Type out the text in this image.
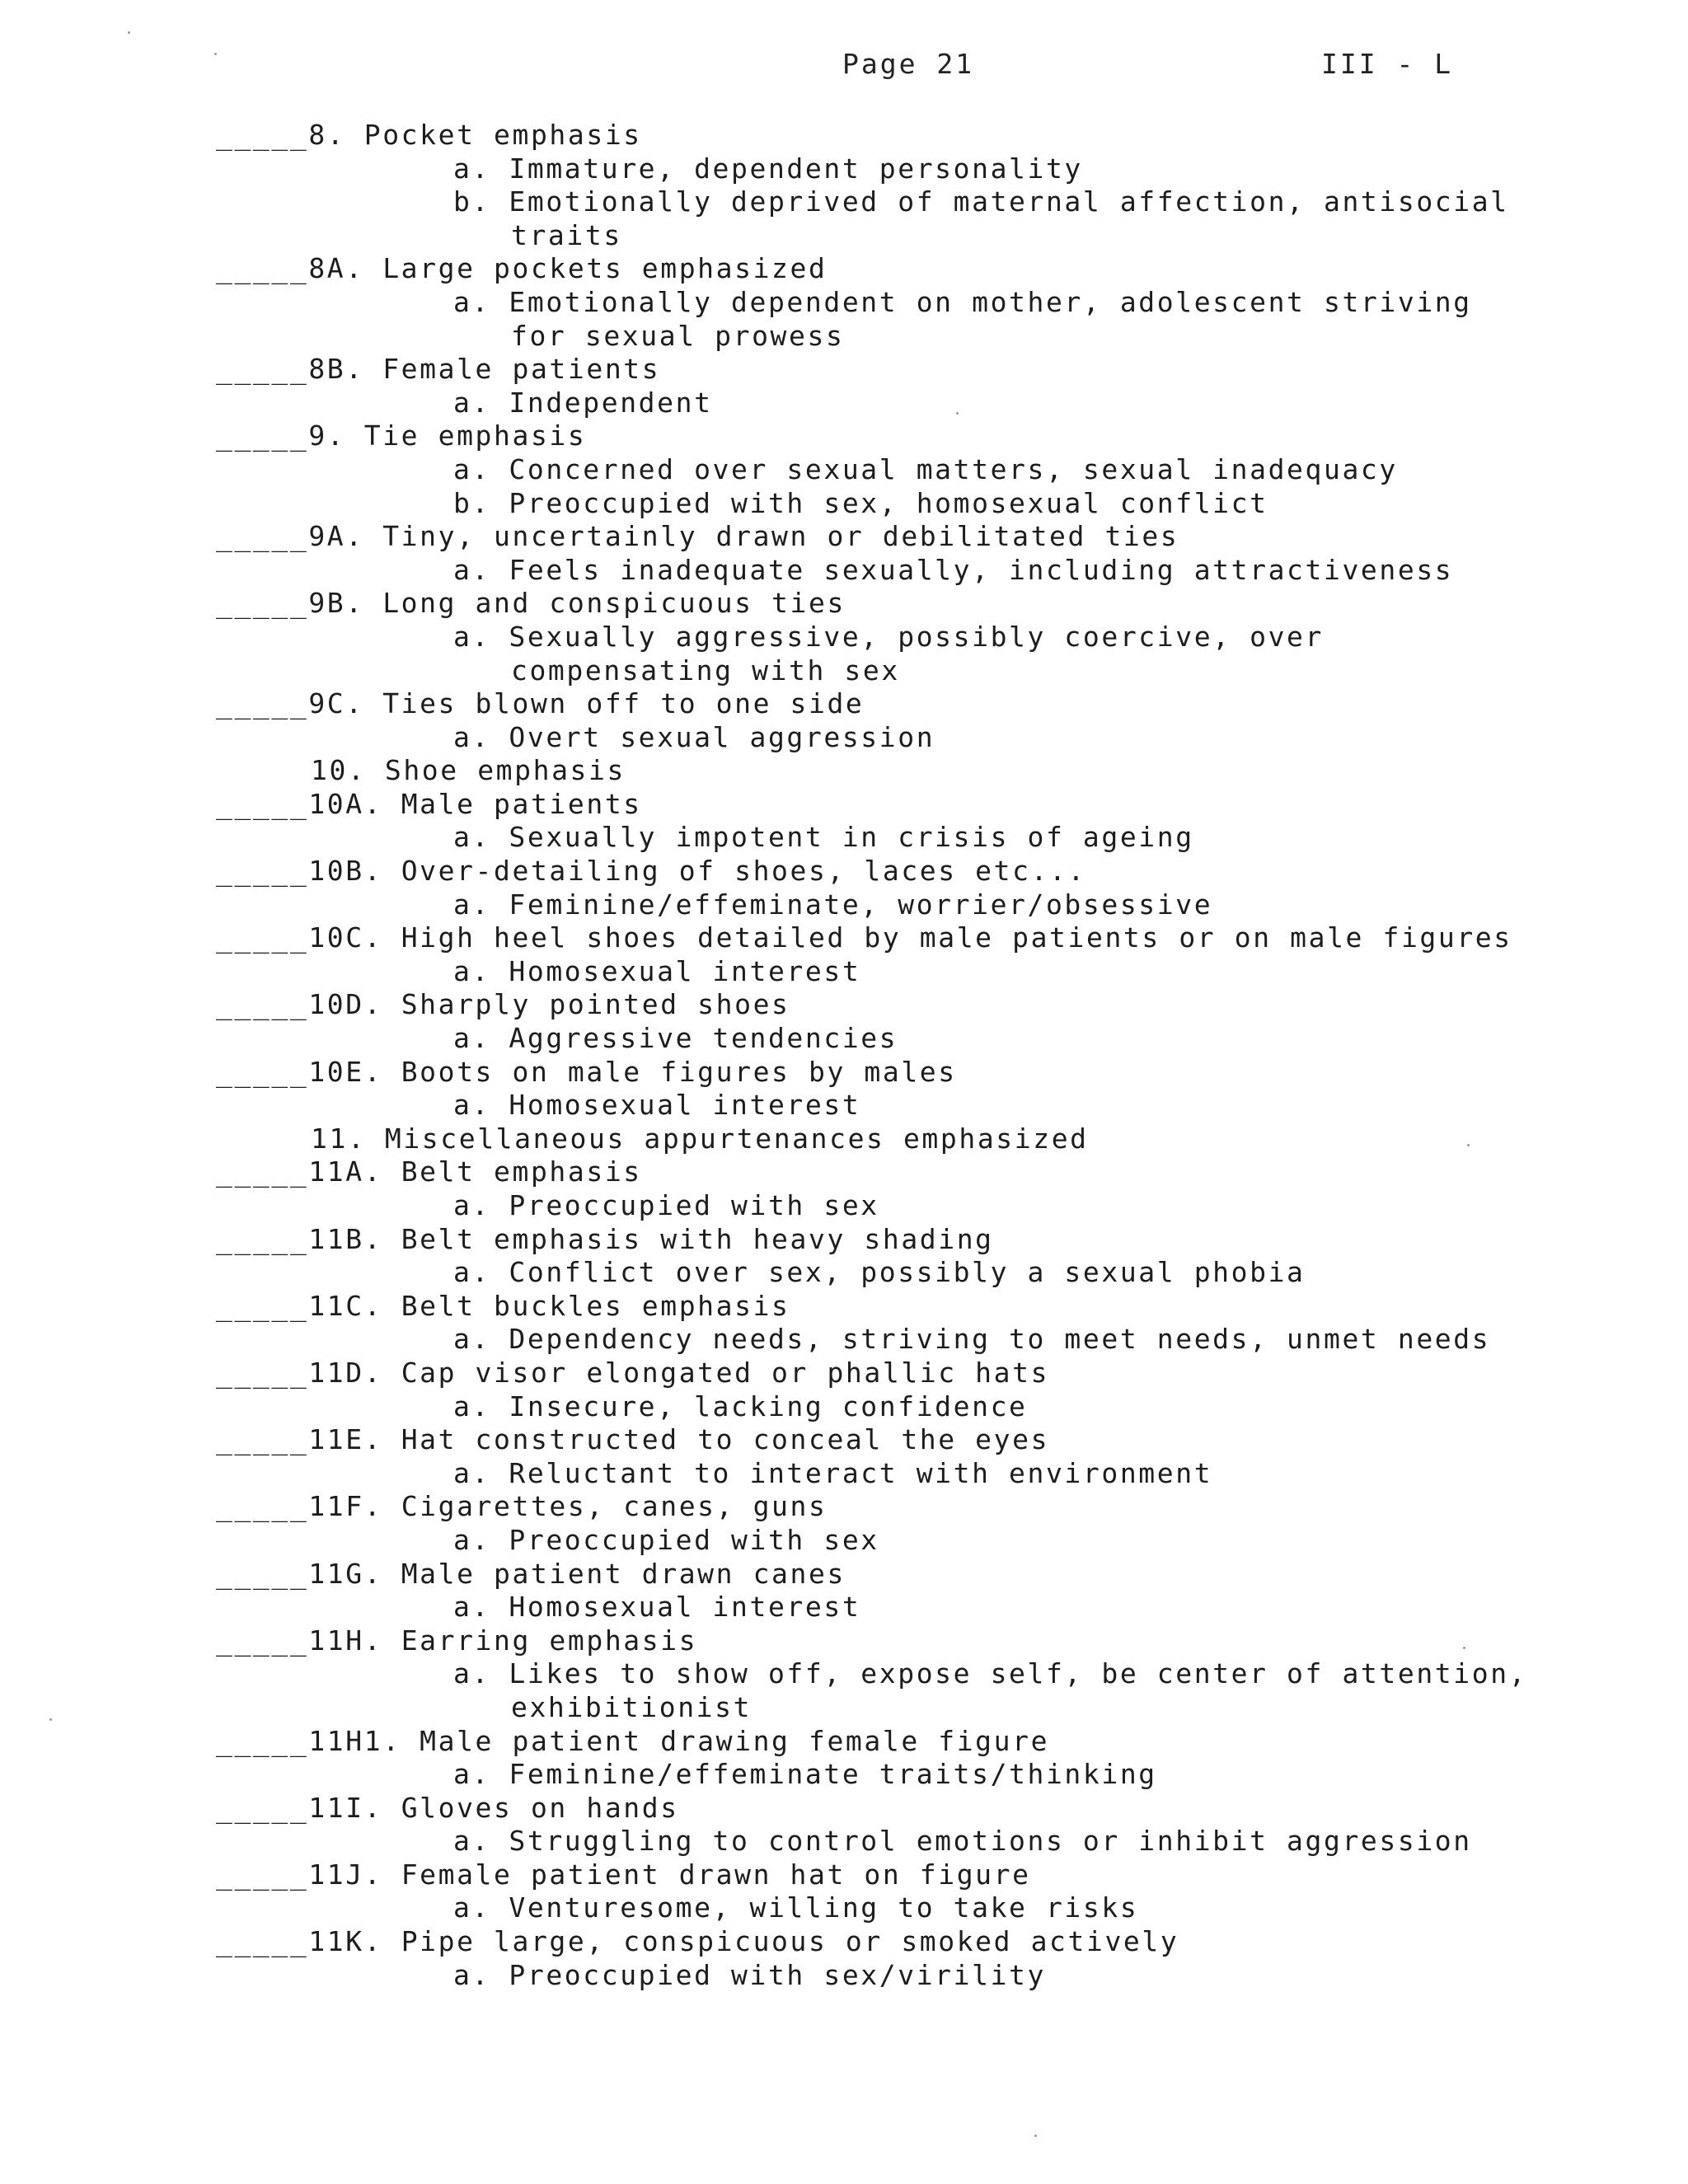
Page 21	III - L
_____8. Pocket emphasis
a. Immature, dependent personality
b. Emotionally deprived of maternal affection, antisocial
traits
_____8A. Large pockets emphasized
a. Emotionally dependent on mother, adolescent striving
for sexual prowess
_____8B. Female patients
a. Independent
_____9. Tie emphasis
a. Concerned over sexual matters, sexual inadequacy
b. Preoccupied with sex, homosexual conflict
_____9A. Tiny, uncertainly drawn or debilitated ties
a. Feels inadequate sexually, including attractiveness
_____9B. Long and conspicuous ties
a. Sexually aggressive, possibly coercive, over
compensating with sex
_____9C. Ties blown off to one side
a. Overt sexual aggression
10. Shoe emphasis
_____10A. Male patients
a. Sexually impotent in crisis of ageing
_____10B. Over-detailing of shoes, laces etc...
a. Feminine/effeminate, worrier/obsessive
_____10C. High heel shoes detailed by male patients or on male figures
a. Homosexual interest
_____10D. Sharply pointed shoes
a. Aggressive tendencies
_____10E. Boots on male figures by males
a. Homosexual interest
11. Miscellaneous appurtenances emphasized
_____11A. Belt emphasis
a. Preoccupied with sex
_____11B. Belt emphasis with heavy shading
a. Conflict over sex, possibly a sexual phobia
_____11C. Belt buckles emphasis
a. Dependency needs, striving to meet needs, unmet needs
_____11D. Cap visor elongated or phallic hats
a. Insecure, lacking confidence
_____11E. Hat constructed to conceal the eyes
a. Reluctant to interact with environment
_____11F. Cigarettes, canes, guns
a. Preoccupied with sex
_____11G. Male patient drawn canes
a. Homosexual interest
_____11H. Earring emphasis
a. Likes to show off, expose self, be center of attention,
exhibitionist
_____11H1. Male patient drawing female figure
a. Feminine/effeminate traits/thinking
_____11I. Gloves on hands
a. Struggling to control emotions or inhibit aggression
_____11J. Female patient drawn hat on figure
a. Venturesome, willing to take risks
_____11K. Pipe large, conspicuous or smoked actively
a. Preoccupied with sex/virility
